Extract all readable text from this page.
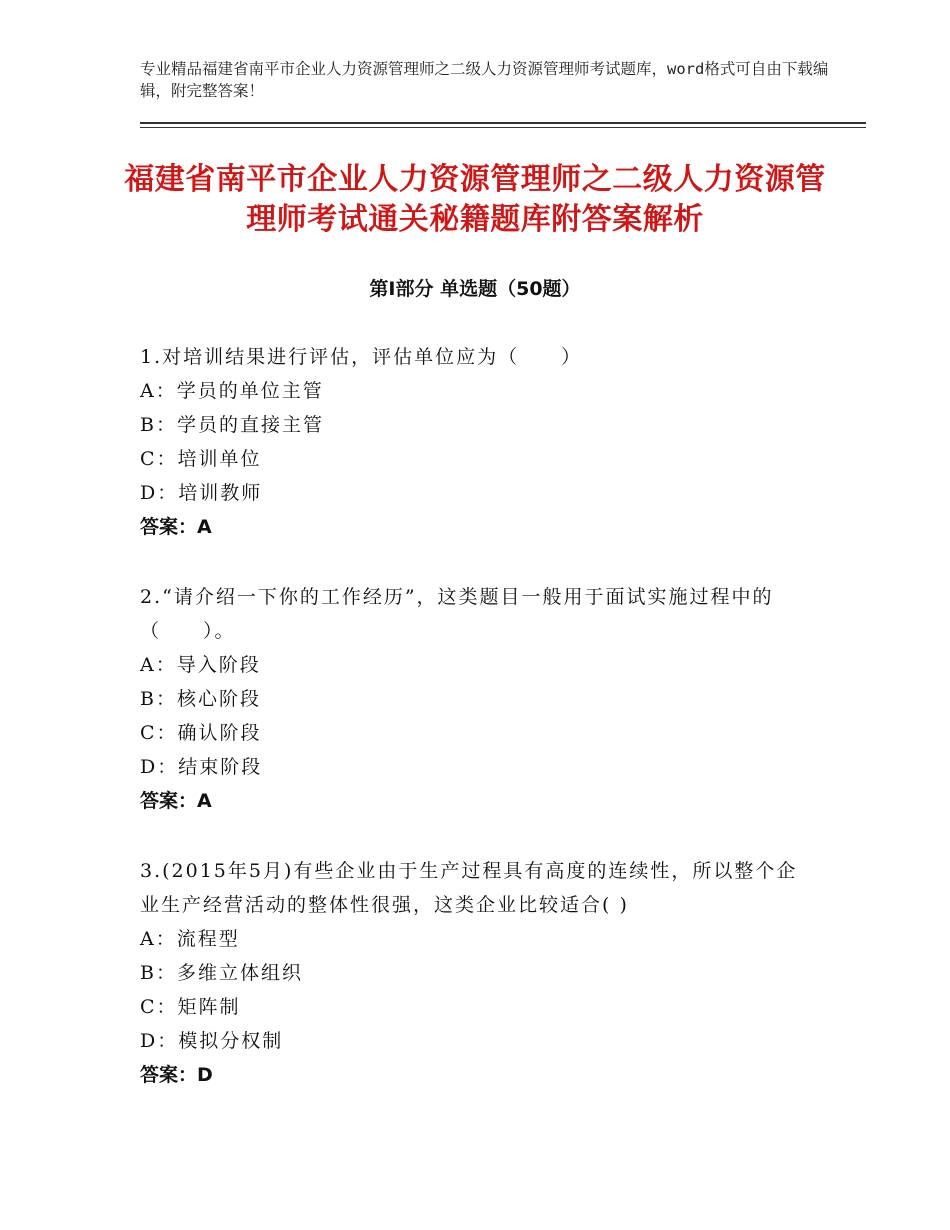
专业精品福建省南平市企业人力资源管理师之二级人力资源管理师考试题库，word格式可自由下载编辑，附完整答案！

福建省南平市企业人力资源管理师之二级人力资源管理师考试通关秘籍题库附答案解析
第Ⅰ部分 单选题（50题）

1.对培训结果进行评估，评估单位应为（　　）

A：学员的单位主管

B：学员的直接主管

C：培训单位

D：培训教师

答案：A

2.“请介绍一下你的工作经历”，这类题目一般用于面试实施过程中的（　　）。

A：导入阶段

B：核心阶段

C：确认阶段

D：结束阶段

答案：A

3.(2015年5月)有些企业由于生产过程具有高度的连续性，所以整个企业生产经营活动的整体性很强，这类企业比较适合( )

A：流程型

B：多维立体组织

C：矩阵制

D：模拟分权制

答案：D
